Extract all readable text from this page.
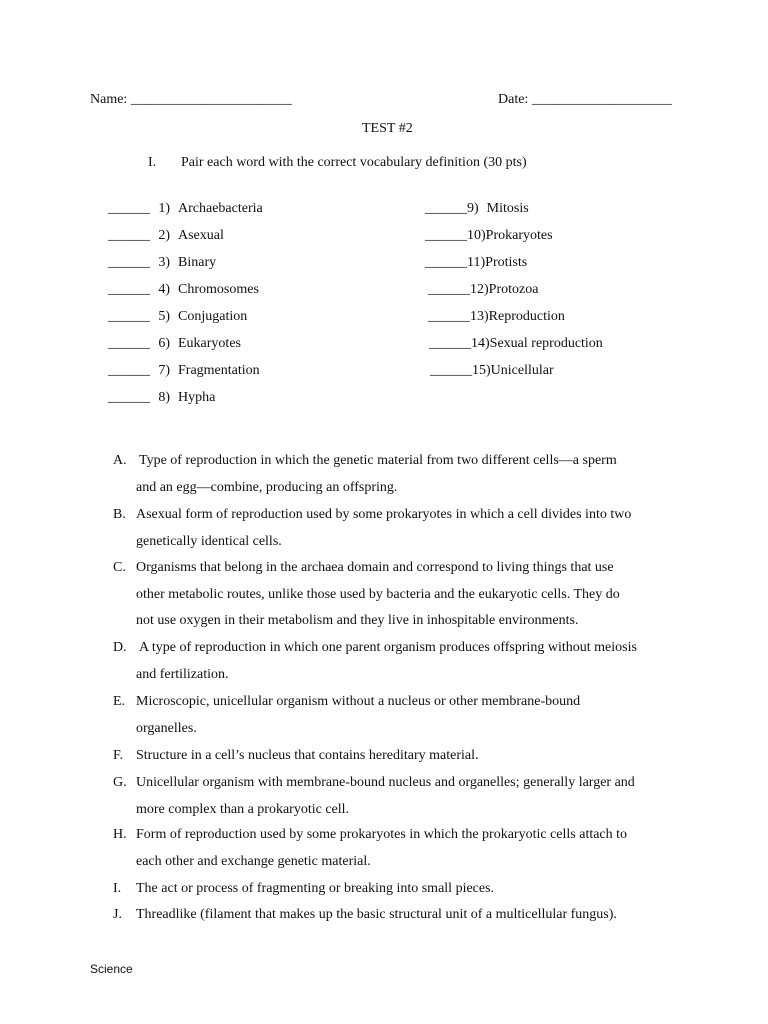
Name: _______________________	Date: ____________________
TEST #2
I. Pair each word with the correct vocabulary definition (30 pts)
______ 1) Archaebacteria
______ 2) Asexual
______ 3) Binary
______ 4) Chromosomes
______ 5) Conjugation
______ 6) Eukaryotes
______ 7) Fragmentation
______ 8) Hypha
______9) Mitosis
______10)Prokaryotes
______11)Protists
______12)Protozoa
______13)Reproduction
______14)Sexual reproduction
______15)Unicellular
A. Type of reproduction in which the genetic material from two different cells—a sperm
and an egg—combine, producing an offspring.
B. Asexual form of reproduction used by some prokaryotes in which a cell divides into two
genetically identical cells.
C. Organisms that belong in the archaea domain and correspond to living things that use
other metabolic routes, unlike those used by bacteria and the eukaryotic cells. They do
not use oxygen in their metabolism and they live in inhospitable environments.
D. A type of reproduction in which one parent organism produces offspring without meiosis
and fertilization.
E. Microscopic, unicellular organism without a nucleus or other membrane-bound
organelles.
F. Structure in a cell’s nucleus that contains hereditary material.
G. Unicellular organism with membrane-bound nucleus and organelles; generally larger and
more complex than a prokaryotic cell.
H. Form of reproduction used by some prokaryotes in which the prokaryotic cells attach to
each other and exchange genetic material.
I. The act or process of fragmenting or breaking into small pieces.
J. Threadlike (filament that makes up the basic structural unit of a multicellular fungus).
Science
